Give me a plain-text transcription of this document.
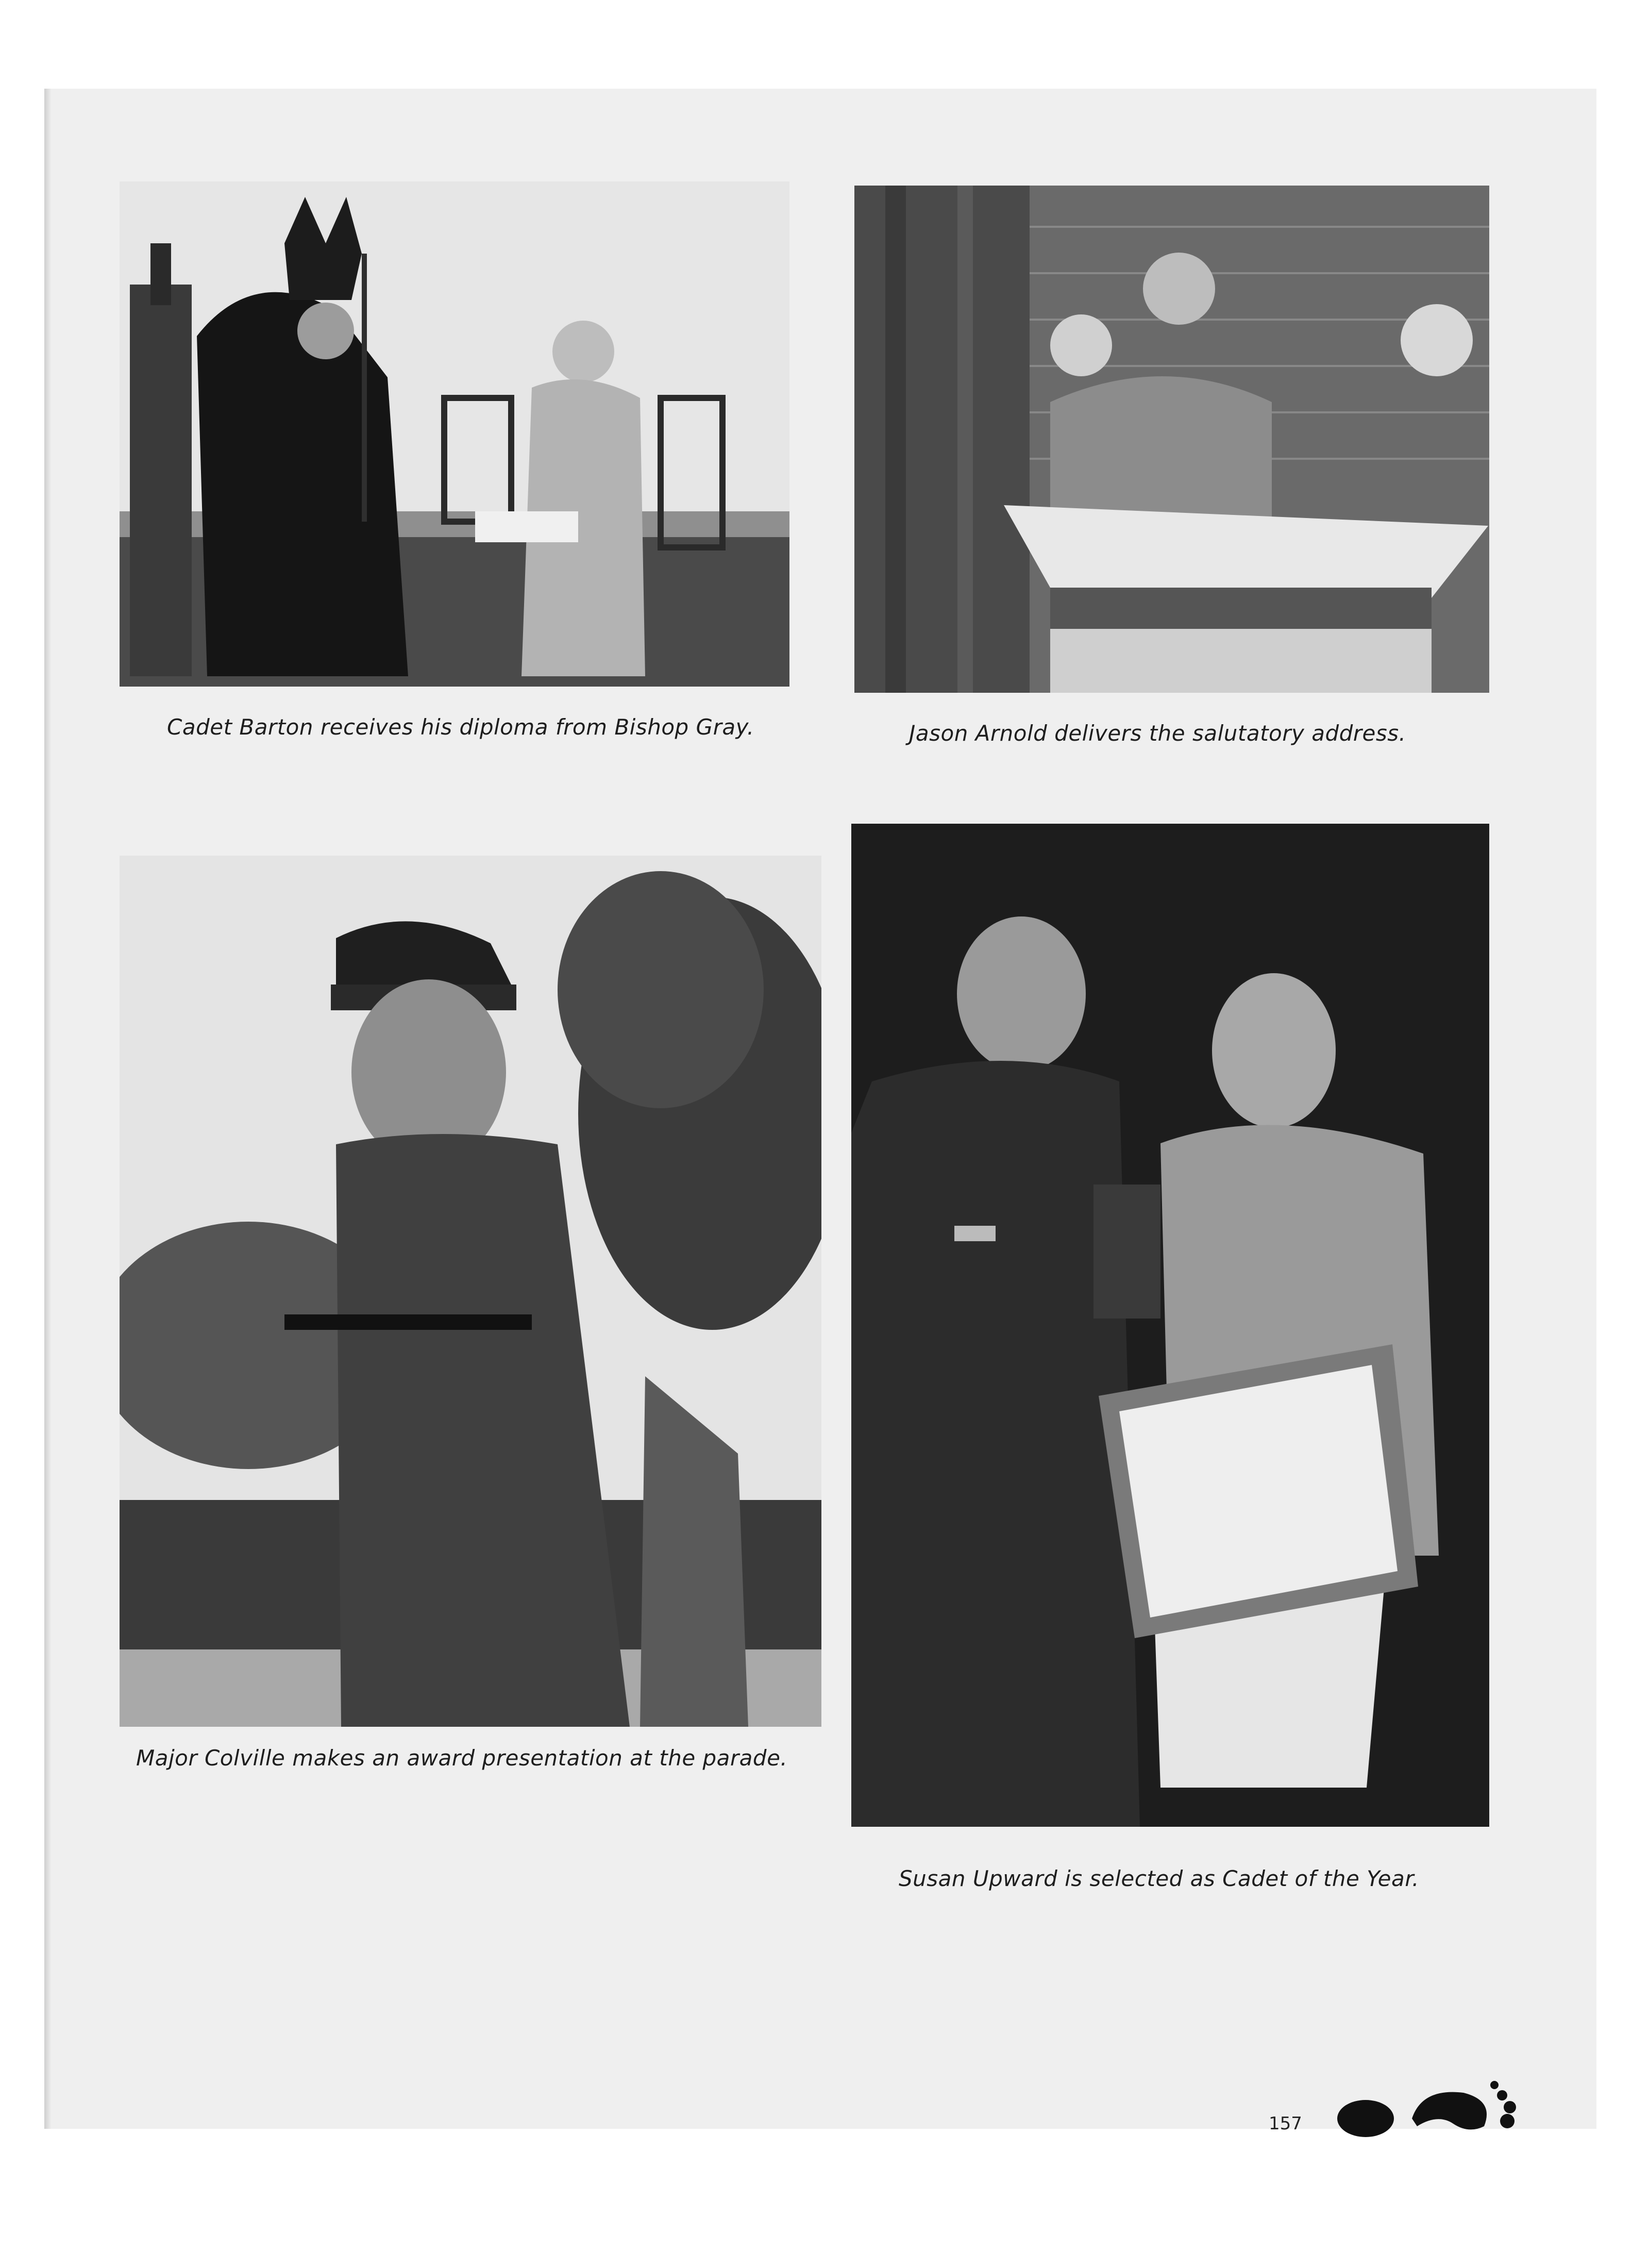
Cadet Barton receives his diploma from Bishop Gray.	Jason Arnold delivers the salutatory address.
Major Colville makes an award presentation at the parade.
Susan Upward is selected as Cadet of the Year.
157
